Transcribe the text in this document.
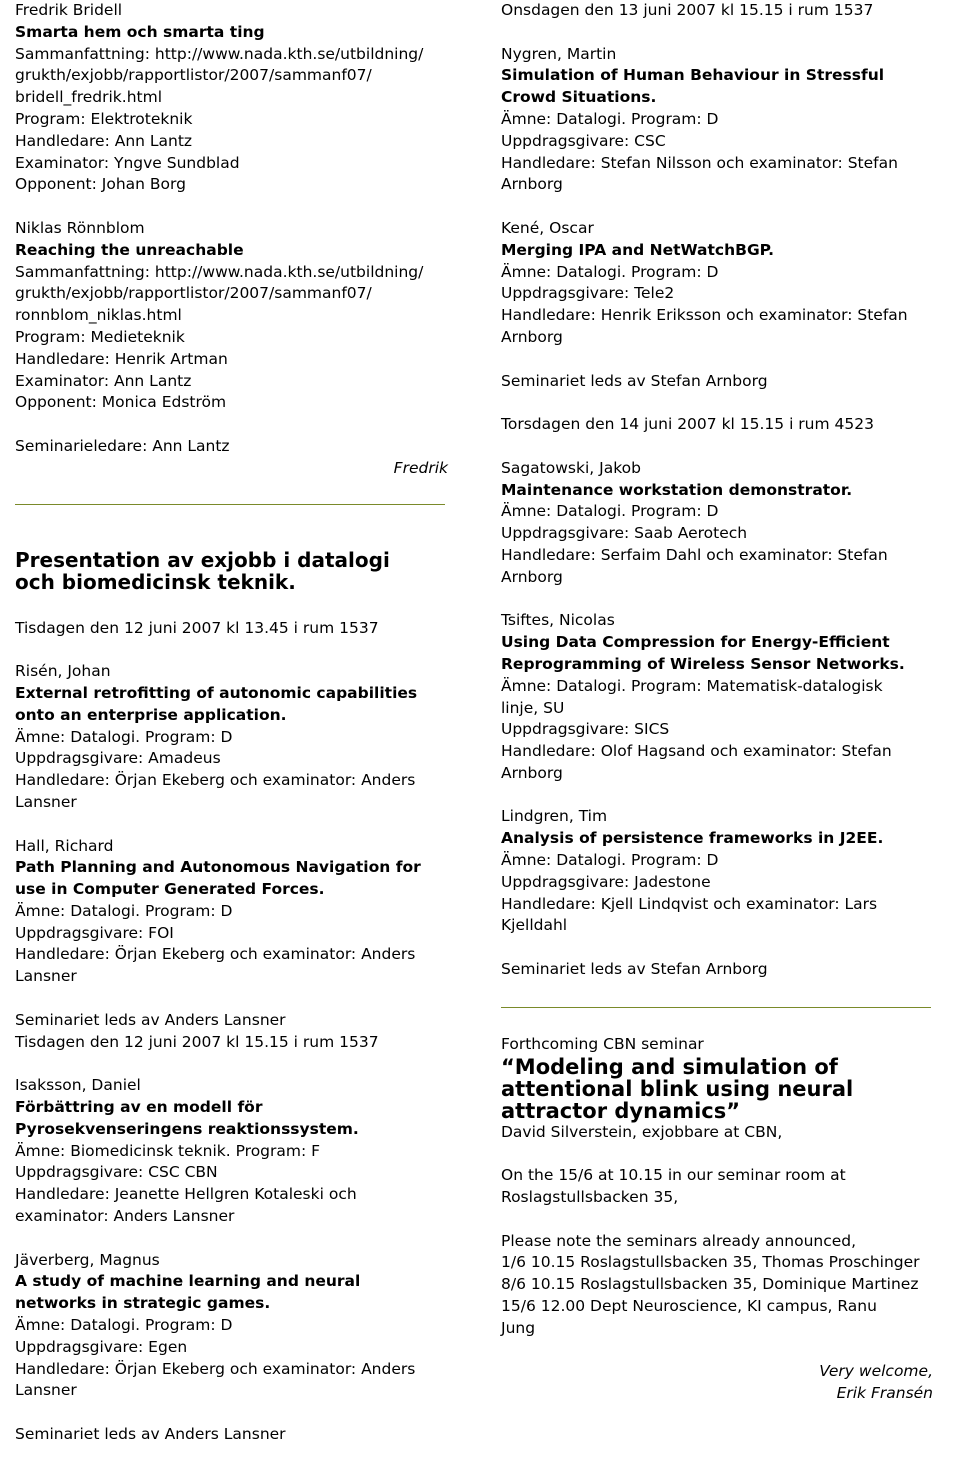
Fredrik Bridell
Smarta hem och smarta ting
Sammanfattning: http://www.nada.kth.se/utbildning/
grukth/exjobb/rapportlistor/2007/sammanf07/
bridell_fredrik.html
Program: Elektroteknik
Handledare: Ann Lantz
Examinator: Yngve Sundblad
Opponent: Johan Borg
Niklas Rönnblom
Reaching the unreachable
Sammanfattning: http://www.nada.kth.se/utbildning/
grukth/exjobb/rapportlistor/2007/sammanf07/
ronnblom_niklas.html
Program: Medieteknik
Handledare: Henrik Artman
Examinator: Ann Lantz
Opponent: Monica Edström
Seminarieledare: Ann Lantz
Fredrik
Presentation av exjobb i datalogi
och biomedicinsk teknik.
Tisdagen den 12 juni 2007 kl 13.45 i rum 1537
Risén, Johan
External retrofitting of autonomic capabilities
onto an enterprise application.
Ämne: Datalogi. Program: D
Uppdragsgivare: Amadeus
Handledare: Örjan Ekeberg och examinator: Anders
Lansner
Hall, Richard
Path Planning and Autonomous Navigation for
use in Computer Generated Forces.
Ämne: Datalogi. Program: D
Uppdragsgivare: FOI
Handledare: Örjan Ekeberg och examinator: Anders
Lansner
Seminariet leds av Anders Lansner
Tisdagen den 12 juni 2007 kl 15.15 i rum 1537
Isaksson, Daniel
Förbättring av en modell för
Pyrosekvenseringens reaktionssystem.
Ämne: Biomedicinsk teknik. Program: F
Uppdragsgivare: CSC CBN
Handledare: Jeanette Hellgren Kotaleski och
examinator: Anders Lansner
Jäverberg, Magnus
A study of machine learning and neural
networks in strategic games.
Ämne: Datalogi. Program: D
Uppdragsgivare: Egen
Handledare: Örjan Ekeberg och examinator: Anders
Lansner
Seminariet leds av Anders Lansner
Onsdagen den 13 juni 2007 kl 15.15 i rum 1537
Nygren, Martin
Simulation of Human Behaviour in Stressful
Crowd Situations.
Ämne: Datalogi. Program: D
Uppdragsgivare: CSC
Handledare: Stefan Nilsson och examinator: Stefan
Arnborg
Kené, Oscar
Merging IPA and NetWatchBGP.
Ämne: Datalogi. Program: D
Uppdragsgivare: Tele2
Handledare: Henrik Eriksson och examinator: Stefan
Arnborg
Seminariet leds av Stefan Arnborg
Torsdagen den 14 juni 2007 kl 15.15 i rum 4523
Sagatowski, Jakob
Maintenance workstation demonstrator.
Ämne: Datalogi. Program: D
Uppdragsgivare: Saab Aerotech
Handledare: Serfaim Dahl och examinator: Stefan
Arnborg
Tsiftes, Nicolas
Using Data Compression for Energy-Efficient
Reprogramming of Wireless Sensor Networks.
Ämne: Datalogi. Program: Matematisk-datalogisk
linje, SU
Uppdragsgivare: SICS
Handledare: Olof Hagsand och examinator: Stefan
Arnborg
Lindgren, Tim
Analysis of persistence frameworks in J2EE.
Ämne: Datalogi. Program: D
Uppdragsgivare: Jadestone
Handledare: Kjell Lindqvist och examinator: Lars
Kjelldahl
Seminariet leds av Stefan Arnborg
Forthcoming CBN seminar
“Modeling and simulation of
attentional blink using neural
attractor dynamics”
David Silverstein, exjobbare at CBN,
On the 15/6 at 10.15 in our seminar room at
Roslagstullsbacken 35,
Please note the seminars already announced,
1/6 10.15 Roslagstullsbacken 35, Thomas Proschinger
8/6 10.15 Roslagstullsbacken 35, Dominique Martinez
15/6 12.00 Dept Neuroscience, KI campus, Ranu
Jung
Very welcome,
Erik Fransén
